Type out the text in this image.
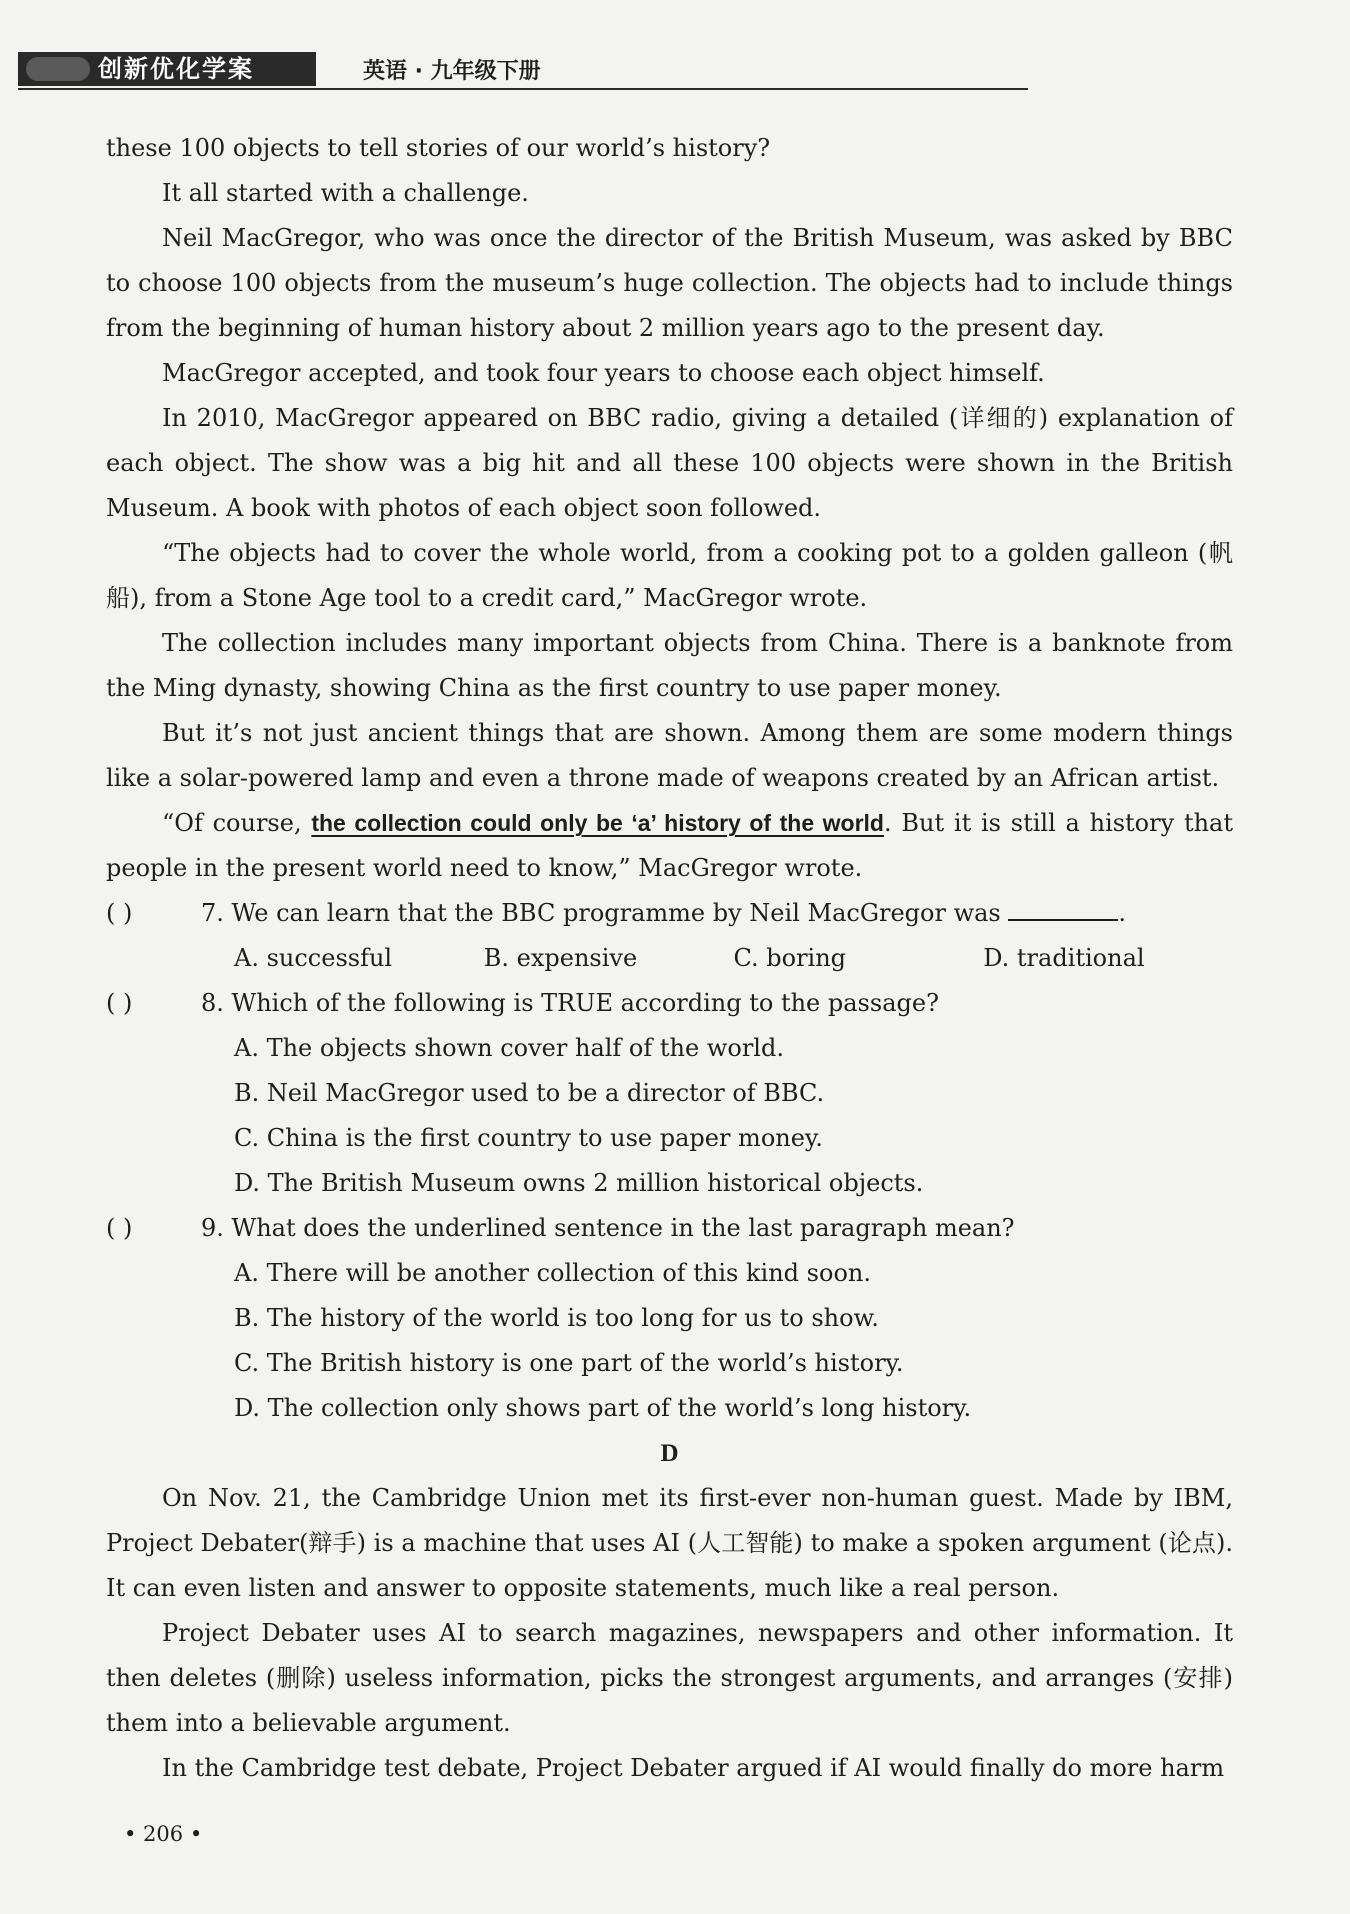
创新优化学案	英语 · 九年级下册

these 100 objects to tell stories of our world’s history?

It all started with a challenge.

Neil MacGregor, who was once the director of the British Museum, was asked by BBC to choose 100 objects from the museum’s huge collection. The objects had to include things from the beginning of human history about 2 million years ago to the present day.

MacGregor accepted, and took four years to choose each object himself.

In 2010, MacGregor appeared on BBC radio, giving a detailed (详细的) explanation of each object. The show was a big hit and all these 100 objects were shown in the British Museum. A book with photos of each object soon followed.

“The objects had to cover the whole world, from a cooking pot to a golden galleon (帆船), from a Stone Age tool to a credit card,” MacGregor wrote.

The collection includes many important objects from China. There is a banknote from the Ming dynasty, showing China as the first country to use paper money.

But it’s not just ancient things that are shown. Among them are some modern things like a solar-powered lamp and even a throne made of weapons created by an African artist.

“Of course, the collection could only be ‘a’ history of the world. But it is still a history that people in the present world need to know,” MacGregor wrote.

( )	7. We can learn that the BBC programme by Neil MacGregor was	.

A. successful	B. expensive	C. boring	D. traditional

( )	8. Which of the following is TRUE according to the passage?

A. The objects shown cover half of the world.

B. Neil MacGregor used to be a director of BBC.

C. China is the first country to use paper money.

D. The British Museum owns 2 million historical objects.

( )	9. What does the underlined sentence in the last paragraph mean?

A. There will be another collection of this kind soon.

B. The history of the world is too long for us to show.

C. The British history is one part of the world’s history.

D. The collection only shows part of the world’s long history.

D

On Nov. 21, the Cambridge Union met its first-ever non-human guest. Made by IBM, Project Debater(辩手) is a machine that uses AI (人工智能) to make a spoken argument (论点). It can even listen and answer to opposite statements, much like a real person.

Project Debater uses AI to search magazines, newspapers and other information. It then deletes (删除) useless information, picks the strongest arguments, and arranges (安排) them into a believable argument.

In the Cambridge test debate, Project Debater argued if AI would finally do more harm

• 206 •
